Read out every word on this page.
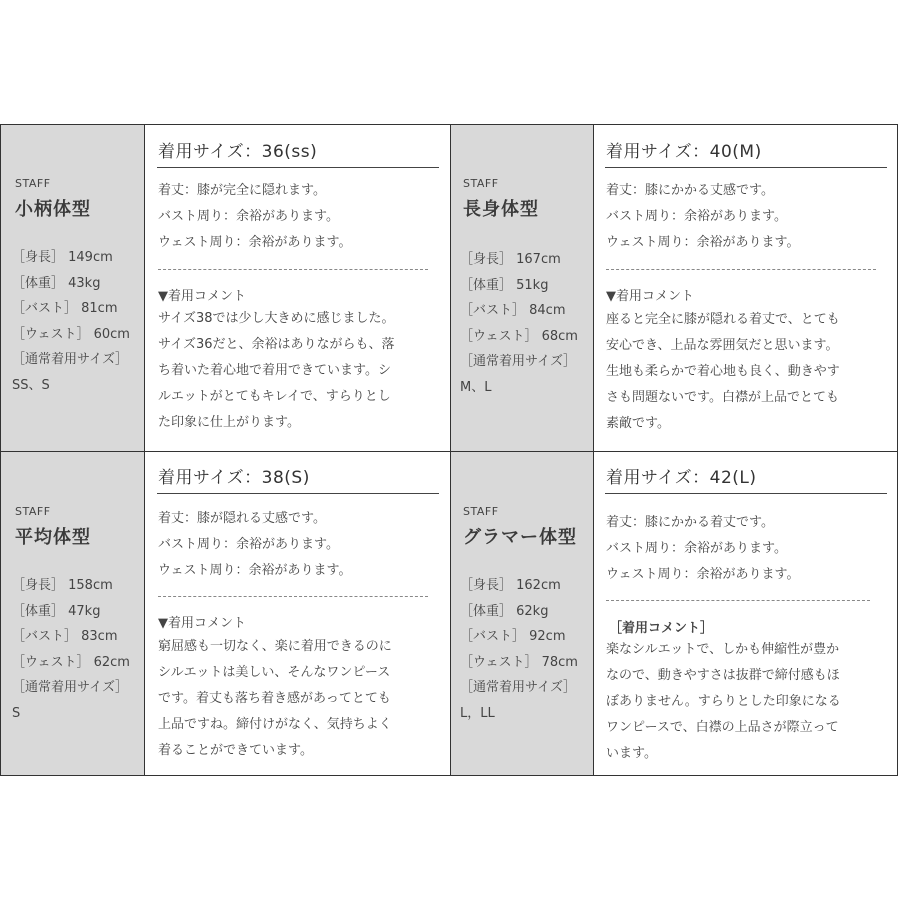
STAFF
小柄体型
［身長］ 149cm
［体重］ 43kg
［バスト］ 81cm
［ウェスト］ 60cm
［通常着用サイズ］
SS、S
着用サイズ：36(ss)
着丈：膝が完全に隠れます。
バスト周り：余裕があります。
ウェスト周り：余裕があります。
▼着用コメント
サイズ38では少し大きめに感じました。
サイズ36だと、余裕はありながらも、落
ち着いた着心地で着用できています。シ
ルエットがとてもキレイで、すらりとし
た印象に仕上がります。
STAFF
長身体型
［身長］ 167cm
［体重］ 51kg
［バスト］ 84cm
［ウェスト］ 68cm
［通常着用サイズ］
M、L
着用サイズ：40(M)
着丈：膝にかかる丈感です。
バスト周り：余裕があります。
ウェスト周り：余裕があります。
▼着用コメント
座ると完全に膝が隠れる着丈で、とても
安心でき、上品な雰囲気だと思います。
生地も柔らかで着心地も良く、動きやす
さも問題ないです。白襟が上品でとても
素敵です。
STAFF
平均体型
［身長］ 158cm
［体重］ 47kg
［バスト］ 83cm
［ウェスト］ 62cm
［通常着用サイズ］
S
着用サイズ：38(S)
着丈：膝が隠れる丈感です。
バスト周り：余裕があります。
ウェスト周り：余裕があります。
▼着用コメント
窮屈感も一切なく、楽に着用できるのに
シルエットは美しい、そんなワンピース
です。着丈も落ち着き感があってとても
上品ですね。締付けがなく、気持ちよく
着ることができています。
STAFF
グラマー体型
［身長］ 162cm
［体重］ 62kg
［バスト］ 92cm
［ウェスト］ 78cm
［通常着用サイズ］
L，LL
着用サイズ：42(L)
着丈：膝にかかる着丈です。
バスト周り：余裕があります。
ウェスト周り：余裕があります。
［着用コメント］
楽なシルエットで、しかも伸縮性が豊か
なので、動きやすさは抜群で締付感もほ
ぼありません。すらりとした印象になる
ワンピースで、白襟の上品さが際立って
います。
